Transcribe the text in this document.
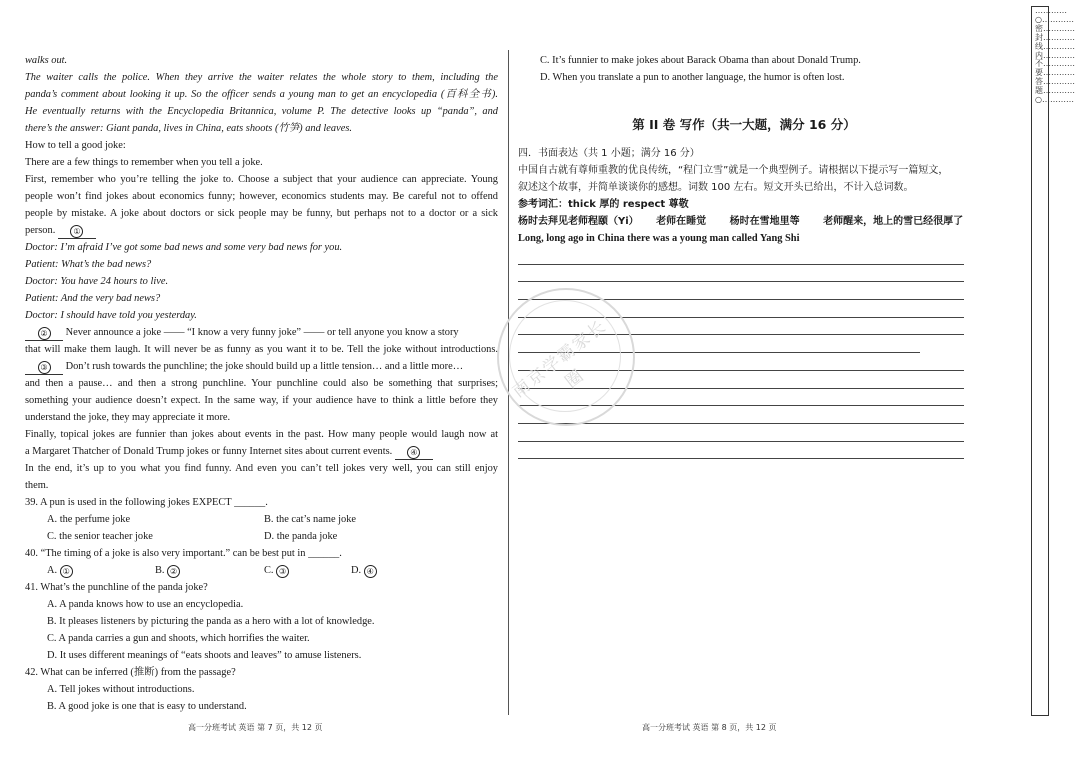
walks out.
The waiter calls the police. When they arrive the waiter relates the whole story to them, including the
panda’s comment about looking it up. So the officer sends a young man to get an encyclopedia (百科全书).
He eventually returns with the Encyclopedia Britannica, volume P. The detective looks up “panda”, and
there’s the answer: Giant panda, lives in China, eats shoots (竹笋) and leaves.
How to tell a good joke:
There are a few things to remember when you tell a joke.
First, remember who you’re telling the joke to. Choose a subject that your audience can appreciate. Young
people won’t find jokes about economics funny; however, economics students may. Be careful not to offend
people by mistake. A joke about doctors or sick people may be funny, but perhaps not to a doctor or a sick
person. ①
Doctor: I’m afraid I’ve got some bad news and some very bad news for you.
Patient: What’s the bad news?
Doctor: You have 24 hours to live.
Patient: And the very bad news?
Doctor: I should have told you yesterday.
② Never announce a joke —— “I know a very funny joke” —— or tell anyone you know a story
that will make them laugh. It will never be as funny as you want it to be. Tell the joke without introductions.
③ Don’t rush towards the punchline; the joke should build up a little tension… and a little more…
and then a pause… and then a strong punchline. Your punchline could also be something that surprises;
something your audience doesn’t expect. In the same way, if your audience have to think a little before they
understand the joke, they may appreciate it more.
Finally, topical jokes are funnier than jokes about events in the past. How many people would laugh now at
a Margaret Thatcher of Donald Trump jokes or funny Internet sites about current events. ④
In the end, it’s up to you what you find funny. And even you can’t tell jokes very well, you can still enjoy
them.
39. A pun is used in the following jokes EXPECT ______.
A. the perfume joke	B. the cat’s name joke
C. the senior teacher joke	D. the panda joke
40. “The timing of a joke is also very important.” can be best put in ______.
A. ①	B. ②	C. ③	D. ④
41. What’s the punchline of the panda joke?
A. A panda knows how to use an encyclopedia.
B. It pleases listeners by picturing the panda as a hero with a lot of knowledge.
C. A panda carries a gun and shoots, which horrifies the waiter.
D. It uses different meanings of “eats shoots and leaves” to amuse listeners.
42. What can be inferred (推断) from the passage?
A. Tell jokes without introductions.
B. A good joke is one that is easy to understand.
C. It’s funnier to make jokes about Barack Obama than about Donald Trump.
D. When you translate a pun to another language, the humor is often lost.
第 II 卷 写作（共一大题，满分 16 分）
四．书面表达（共 1 小题；满分 16 分）
中国自古就有尊师重教的优良传统，“程门立雪”就是一个典型例子。请根据以下提示写一篇短文，
叙述这个故事，并简单谈谈你的感想。词数 100 左右。短文开头已给出，不计入总词数。
参考词汇：thick 厚的 respect 尊敬
杨时去拜见老师程颐（Yi） 老师在睡觉 杨时在雪地里等 老师醒来，地上的雪已经很厚了
Long, long ago in China there was a young man called Yang Shi
南京学霸家长圈
高一分班考试 英语 第 7 页，共 12 页	高一分班考试 英语 第 8 页，共 12 页
…………○…………密…………封…………线…………内…………不…………要…………答…………题…………○…………
